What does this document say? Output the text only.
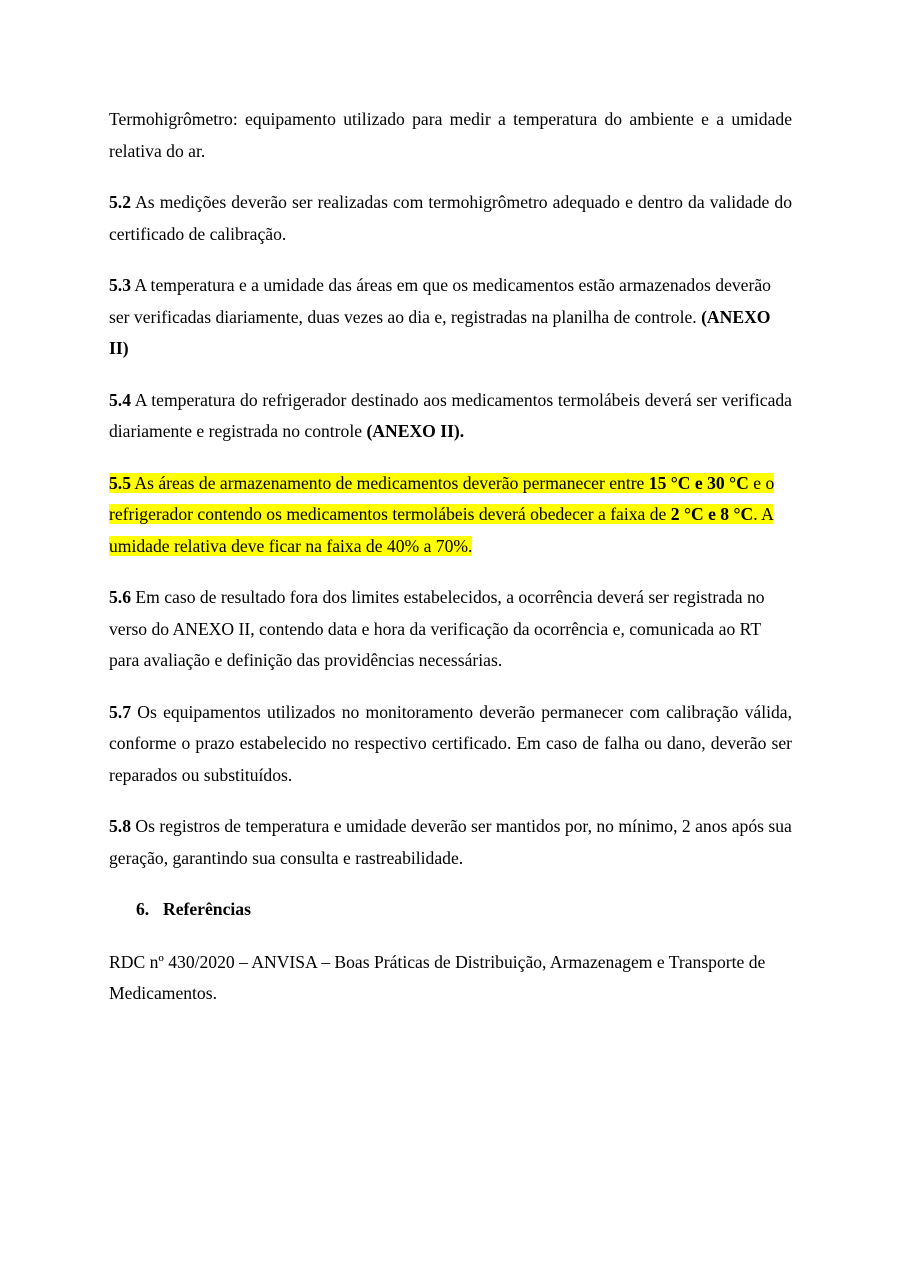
Termohigrômetro: equipamento utilizado para medir a temperatura do ambiente e a umidade relativa do ar.

5.2 As medições deverão ser realizadas com termohigrômetro adequado e dentro da validade do certificado de calibração.

5.3 A temperatura e a umidade das áreas em que os medicamentos estão armazenados deverão ser verificadas diariamente, duas vezes ao dia e, registradas na planilha de controle. (ANEXO II)

5.4 A temperatura do refrigerador destinado aos medicamentos termolábeis deverá ser verificada diariamente e registrada no controle (ANEXO II).

5.5 As áreas de armazenamento de medicamentos deverão permanecer entre 15 °C e 30 °C e o refrigerador contendo os medicamentos termolábeis deverá obedecer a faixa de 2 °C e 8 °C. A umidade relativa deve ficar na faixa de 40% a 70%.

5.6 Em caso de resultado fora dos limites estabelecidos, a ocorrência deverá ser registrada no verso do ANEXO II, contendo data e hora da verificação da ocorrência e, comunicada ao RT para avaliação e definição das providências necessárias.

5.7 Os equipamentos utilizados no monitoramento deverão permanecer com calibração válida, conforme o prazo estabelecido no respectivo certificado. Em caso de falha ou dano, deverão ser reparados ou substituídos.

5.8 Os registros de temperatura e umidade deverão ser mantidos por, no mínimo, 2 anos após sua geração, garantindo sua consulta e rastreabilidade.

6. Referências

RDC nº 430/2020 – ANVISA – Boas Práticas de Distribuição, Armazenagem e Transporte de Medicamentos.
